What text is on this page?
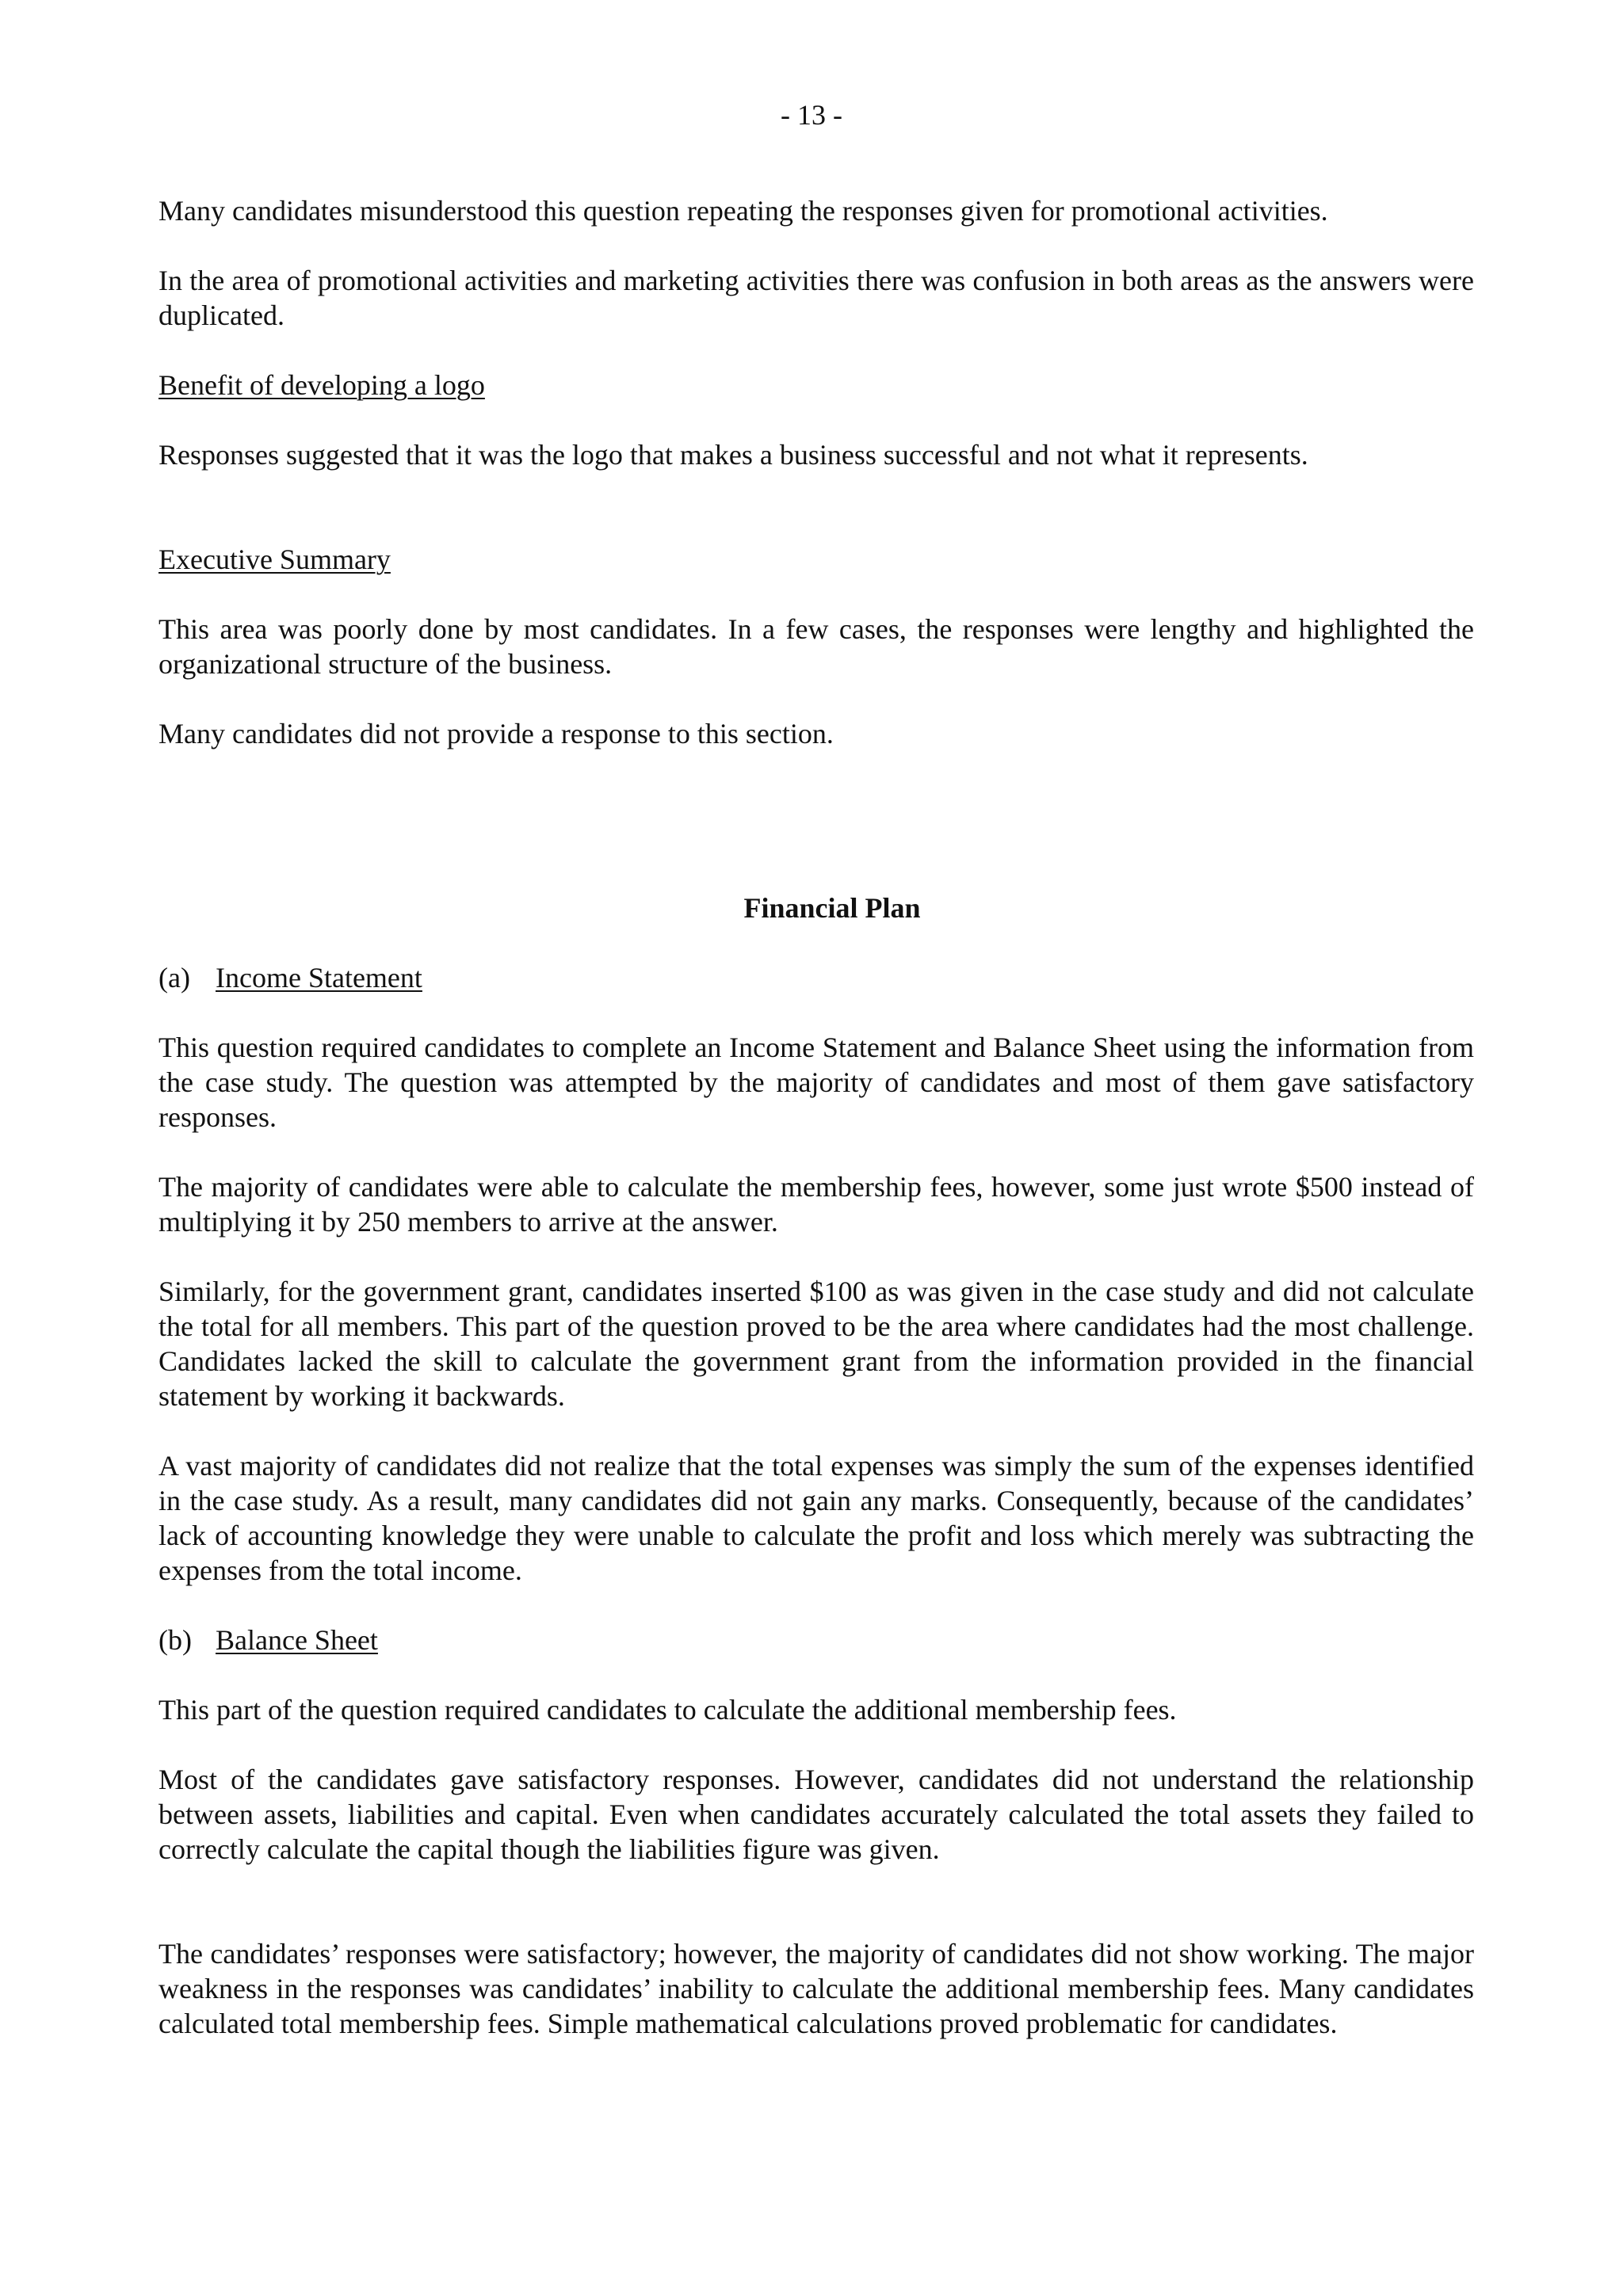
- 13 -

Many candidates misunderstood this question repeating the responses given for promotional activities.

In the area of promotional activities and marketing activities there was confusion in both areas as the answers were duplicated.

Benefit of developing a logo

Responses suggested that it was the logo that makes a business successful and not what it represents.

Executive Summary

This area was poorly done by most candidates. In a few cases, the responses were lengthy and highlighted the organizational structure of the business.

Many candidates did not provide a response to this section.

Financial Plan

(a) Income Statement

This question required candidates to complete an Income Statement and Balance Sheet using the information from the case study. The question was attempted by the majority of candidates and most of them gave satisfactory responses.

The majority of candidates were able to calculate the membership fees, however, some just wrote $500 instead of multiplying it by 250 members to arrive at the answer.

Similarly, for the government grant, candidates inserted $100 as was given in the case study and did not calculate the total for all members. This part of the question proved to be the area where candidates had the most challenge. Candidates lacked the skill to calculate the government grant from the information provided in the financial statement by working it backwards.

A vast majority of candidates did not realize that the total expenses was simply the sum of the expenses identified in the case study. As a result, many candidates did not gain any marks. Consequently, because of the candidates’ lack of accounting knowledge they were unable to calculate the profit and loss which merely was subtracting the expenses from the total income.

(b) Balance Sheet

This part of the question required candidates to calculate the additional membership fees.

Most of the candidates gave satisfactory responses. However, candidates did not understand the relationship between assets, liabilities and capital. Even when candidates accurately calculated the total assets they failed to correctly calculate the capital though the liabilities figure was given.

The candidates’ responses were satisfactory; however, the majority of candidates did not show working. The major weakness in the responses was candidates’ inability to calculate the additional membership fees. Many candidates calculated total membership fees. Simple mathematical calculations proved problematic for candidates.
